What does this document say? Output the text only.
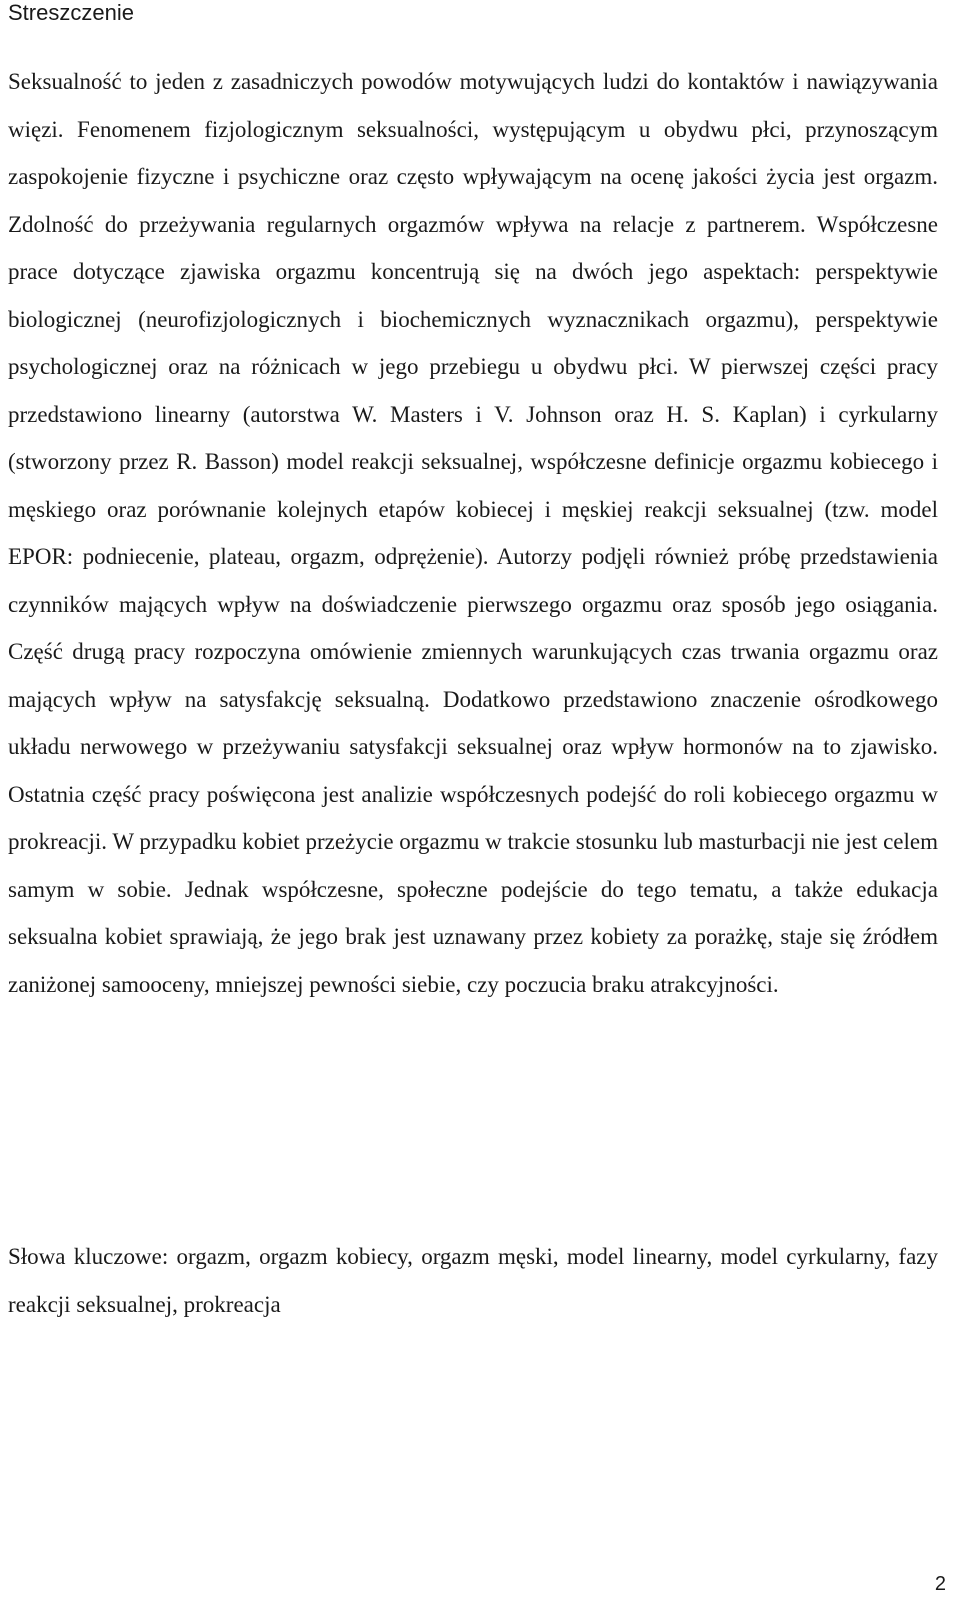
Streszczenie

Seksualność to jeden z zasadniczych powodów motywujących ludzi do kontaktów i nawiązywania więzi. Fenomenem fizjologicznym seksualności, występującym u obydwu płci, przynoszącym zaspokojenie fizyczne i psychiczne oraz często wpływającym na ocenę jakości życia jest orgazm. Zdolność do przeżywania regularnych orgazmów wpływa na relacje z partnerem. Współczesne prace dotyczące zjawiska orgazmu koncentrują się na dwóch jego aspektach: perspektywie biologicznej (neurofizjologicznych i biochemicznych wyznacznikach orgazmu), perspektywie psychologicznej oraz na różnicach w jego przebiegu u obydwu płci. W pierwszej części pracy przedstawiono linearny (autorstwa W. Masters i V. Johnson oraz H. S. Kaplan) i cyrkularny (stworzony przez R. Basson) model reakcji seksualnej, współczesne definicje orgazmu kobiecego i męskiego oraz porównanie kolejnych etapów kobiecej i męskiej reakcji seksualnej (tzw. model EPOR: podniecenie, plateau, orgazm, odprężenie). Autorzy podjęli również próbę przedstawienia czynników mających wpływ na doświadczenie pierwszego orgazmu oraz sposób jego osiągania. Część drugą pracy rozpoczyna omówienie zmiennych warunkujących czas trwania orgazmu oraz mających wpływ na satysfakcję seksualną. Dodatkowo przedstawiono znaczenie ośrodkowego układu nerwowego w przeżywaniu satysfakcji seksualnej oraz wpływ hormonów na to zjawisko. Ostatnia część pracy poświęcona jest analizie współczesnych podejść do roli kobiecego orgazmu w prokreacji. W przypadku kobiet przeżycie orgazmu w trakcie stosunku lub masturbacji nie jest celem samym w sobie. Jednak współczesne, społeczne podejście do tego tematu, a także edukacja seksualna kobiet sprawiają, że jego brak jest uznawany przez kobiety za porażkę, staje się źródłem zaniżonej samooceny, mniejszej pewności siebie, czy poczucia braku atrakcyjności.

Słowa kluczowe: orgazm, orgazm kobiecy, orgazm męski, model linearny, model cyrkularny, fazy reakcji seksualnej, prokreacja

2
